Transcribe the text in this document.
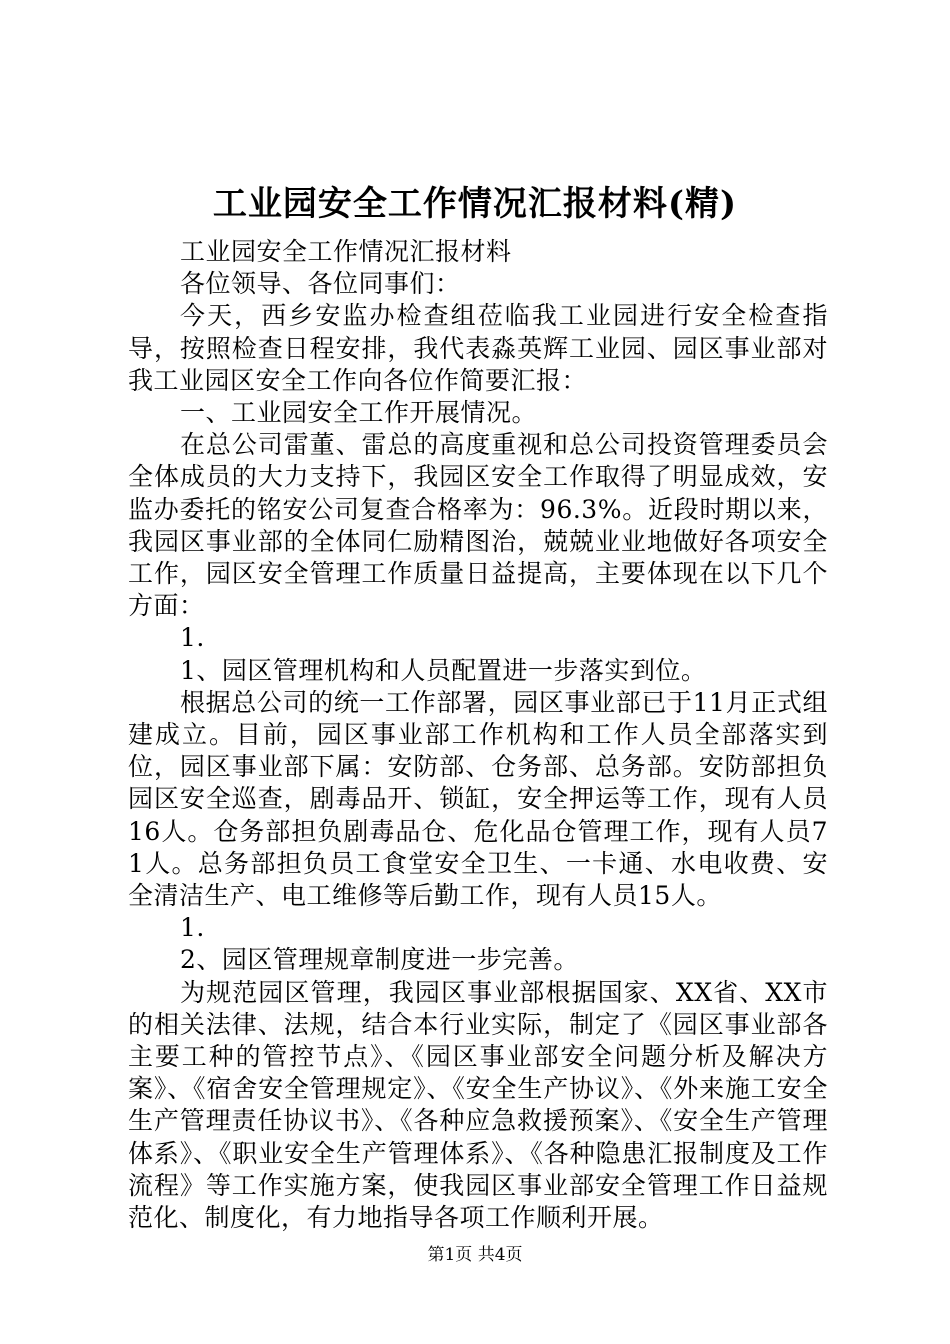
工业园安全工作情况汇报材料(精)

工业园安全工作情况汇报材料

各位领导、各位同事们：

今天，西乡安监办检查组莅临我工业园进行安全检查指导，按照检查日程安排，我代表淼英辉工业园、园区事业部对我工业园区安全工作向各位作简要汇报：

一、工业园安全工作开展情况。

在总公司雷董、雷总的高度重视和总公司投资管理委员会全体成员的大力支持下，我园区安全工作取得了明显成效，安监办委托的铭安公司复查合格率为：96.3%。近段时期以来，我园区事业部的全体同仁励精图治，兢兢业业地做好各项安全工作，园区安全管理工作质量日益提高，主要体现在以下几个方面：

1.

1、园区管理机构和人员配置进一步落实到位。

根据总公司的统一工作部署，园区事业部已于11月正式组建成立。目前，园区事业部工作机构和工作人员全部落实到位，园区事业部下属：安防部、仓务部、总务部。安防部担负园区安全巡查，剧毒品开、锁缸，安全押运等工作，现有人员16人。仓务部担负剧毒品仓、危化品仓管理工作，现有人员71人。总务部担负员工食堂安全卫生、一卡通、水电收费、安全清洁生产、电工维修等后勤工作，现有人员15人。

1.

2、园区管理规章制度进一步完善。

为规范园区管理，我园区事业部根据国家、XX省、XX市的相关法律、法规，结合本行业实际，制定了《园区事业部各主要工种的管控节点》、《园区事业部安全问题分析及解决方案》、《宿舍安全管理规定》、《安全生产协议》、《外来施工安全生产管理责任协议书》、《各种应急救援预案》、《安全生产管理体系》、《职业安全生产管理体系》、《各种隐患汇报制度及工作流程》等工作实施方案，使我园区事业部安全管理工作日益规范化、制度化，有力地指导各项工作顺利开展。

第1页 共4页
